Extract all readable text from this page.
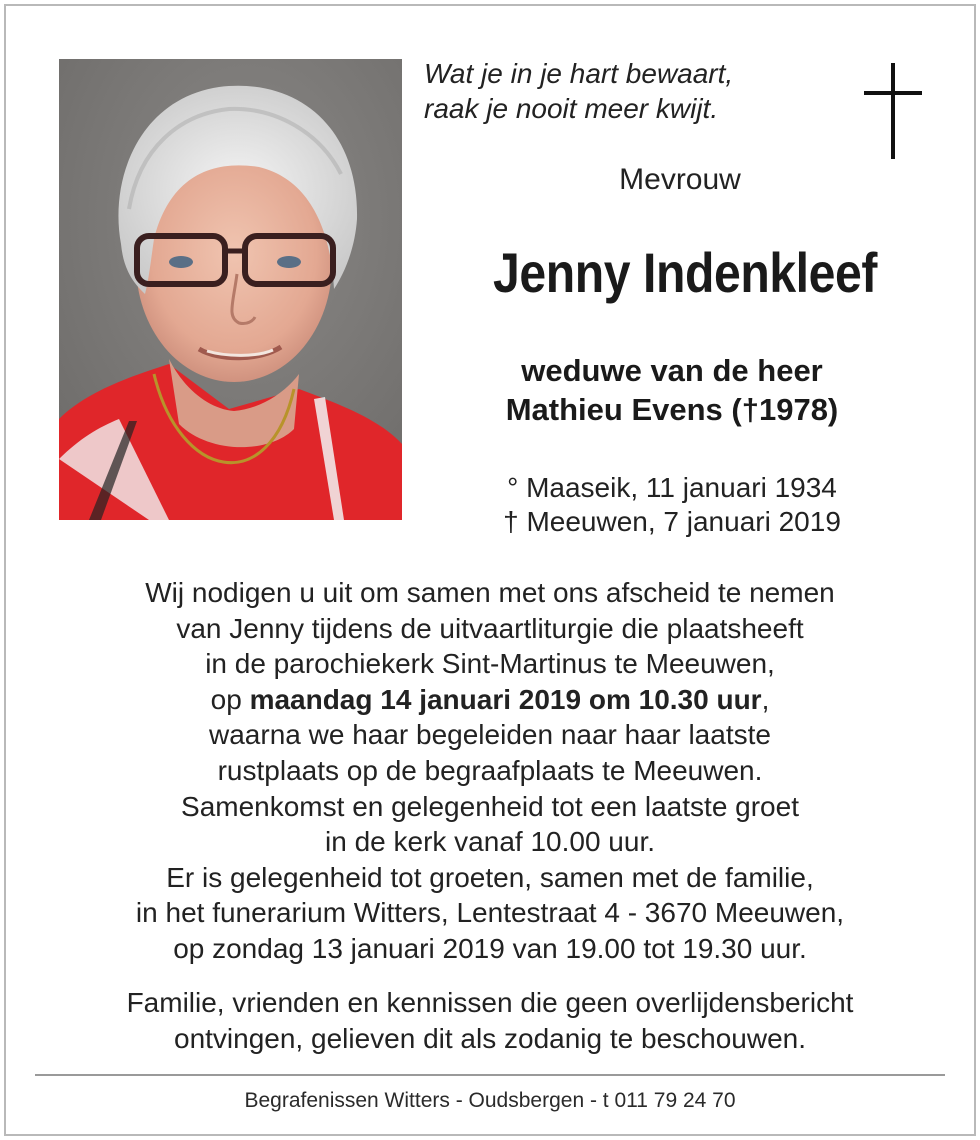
Wat je in je hart bewaart,
raak je nooit meer kwijt.
Mevrouw
Jenny Indenkleef
weduwe van de heer
Mathieu Evens (†1978)
° Maaseik, 11 januari 1934
† Meeuwen, 7 januari 2019
Wij nodigen u uit om samen met ons afscheid te nemen
van Jenny tijdens de uitvaartliturgie die plaatsheeft
in de parochiekerk Sint-Martinus te Meeuwen,
op maandag 14 januari 2019 om 10.30 uur,
waarna we haar begeleiden naar haar laatste
rustplaats op de begraafplaats te Meeuwen.
Samenkomst en gelegenheid tot een laatste groet
in de kerk vanaf 10.00 uur.
Er is gelegenheid tot groeten, samen met de familie,
in het funerarium Witters, Lentestraat 4 - 3670 Meeuwen,
op zondag 13 januari 2019 van 19.00 tot 19.30 uur.
Familie, vrienden en kennissen die geen overlijdensbericht
ontvingen, gelieven dit als zodanig te beschouwen.
Begrafenissen Witters - Oudsbergen - t 011 79 24 70
